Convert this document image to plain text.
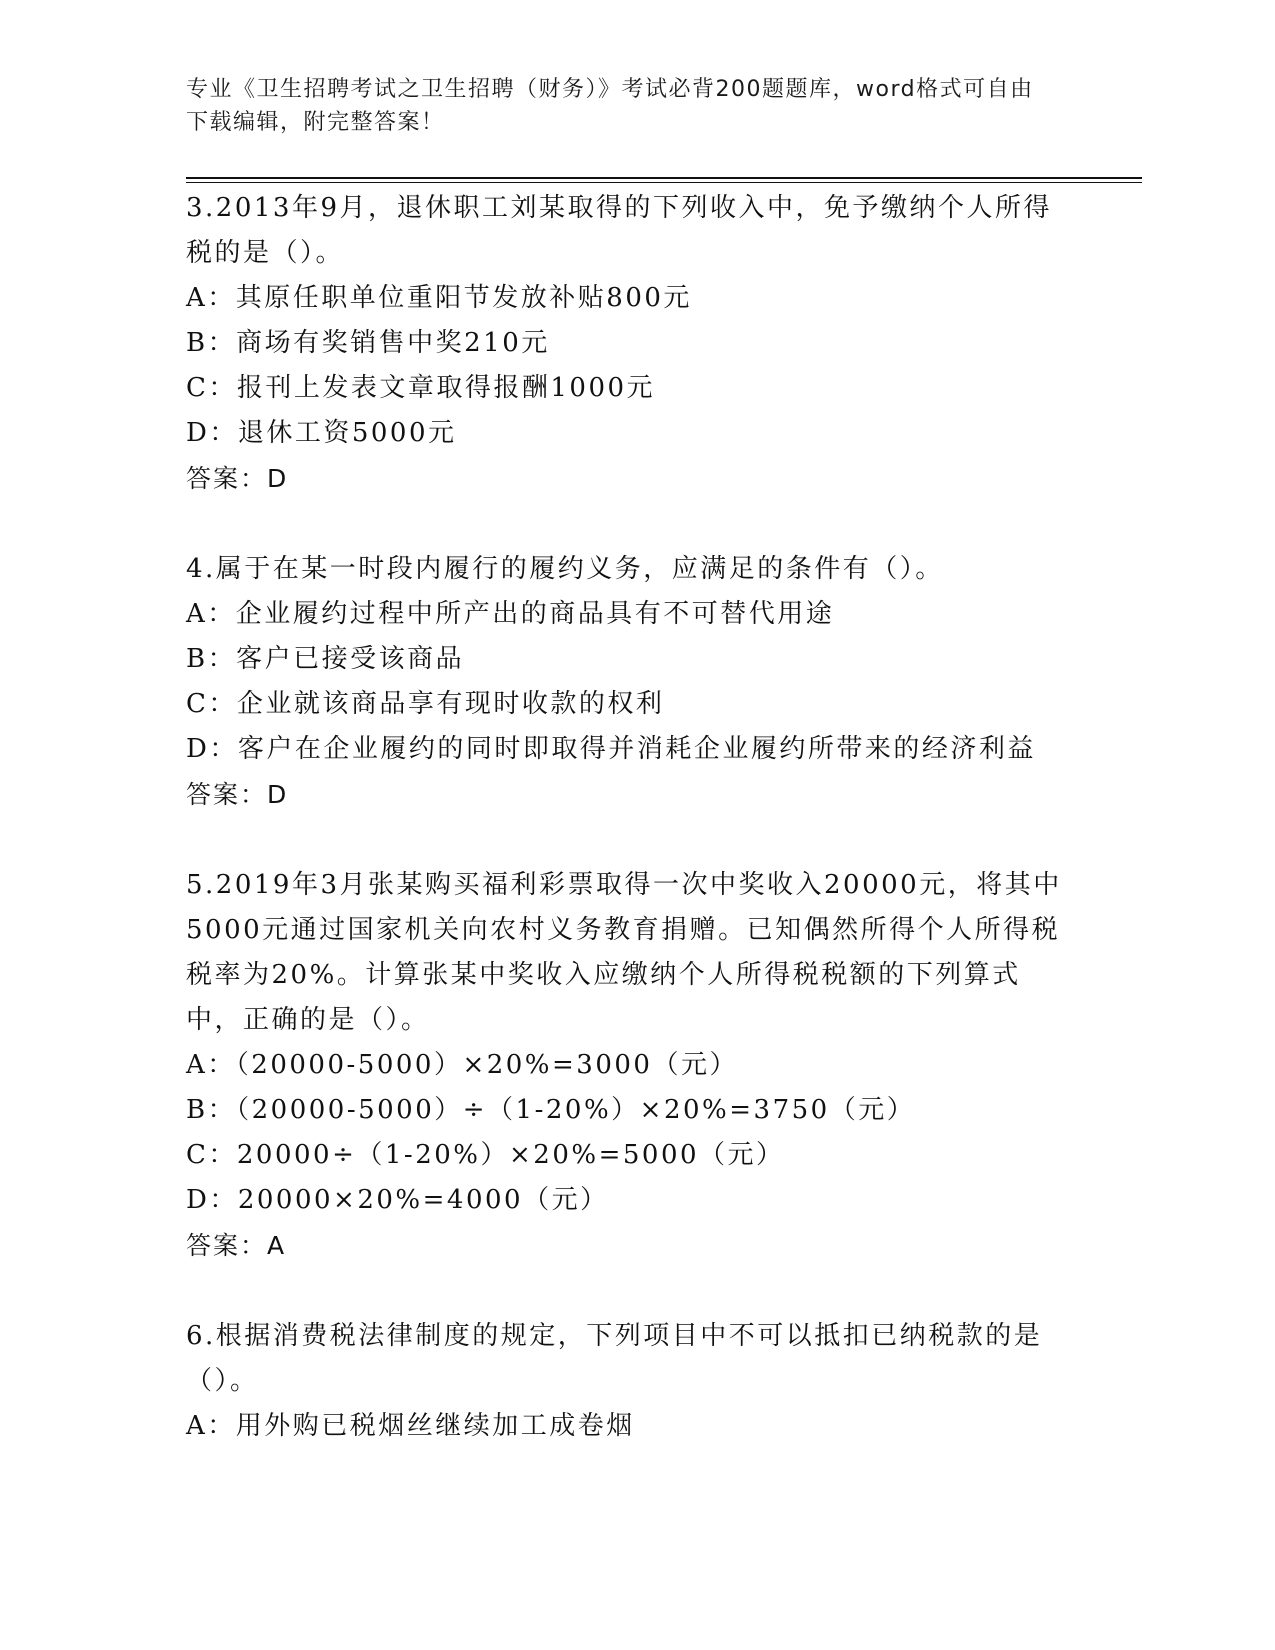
专业《卫生招聘考试之卫生招聘（财务）》考试必背200题题库，word格式可自由下载编辑，附完整答案！

3.2013年9月，退休职工刘某取得的下列收入中，免予缴纳个人所得税的是（）。

A：其原任职单位重阳节发放补贴800元

B：商场有奖销售中奖210元

C：报刊上发表文章取得报酬1000元

D：退休工资5000元

答案：D

4.属于在某一时段内履行的履约义务，应满足的条件有（）。

A：企业履约过程中所产出的商品具有不可替代用途

B：客户已接受该商品

C：企业就该商品享有现时收款的权利

D：客户在企业履约的同时即取得并消耗企业履约所带来的经济利益

答案：D

5.2019年3月张某购买福利彩票取得一次中奖收入20000元，将其中5000元通过国家机关向农村义务教育捐赠。已知偶然所得个人所得税税率为20%。计算张某中奖收入应缴纳个人所得税税额的下列算式中，正确的是（）。

A：（20000-5000）×20%=3000（元）

B：（20000-5000）÷（1-20%）×20%=3750（元）

C：20000÷（1-20%）×20%=5000（元）

D：20000×20%=4000（元）

答案：A

6.根据消费税法律制度的规定，下列项目中不可以抵扣已纳税款的是（）。

A：用外购已税烟丝继续加工成卷烟
